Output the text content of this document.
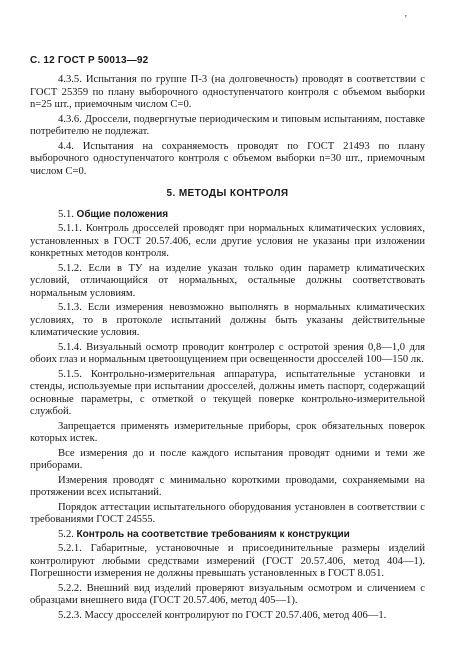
'
С. 12 ГОСТ Р 50013—92

4.3.5. Испытания по группе П-3 (на долговечность) проводят в соответствии с ГОСТ 25359 по плану выборочного одноступенчатого контроля с объемом выборки n=25 шт., приемочным числом C=0.

4.3.6. Дроссели, подвергнутые периодическим и типовым испытаниям, поставке потребителю не подлежат.

4.4. Испытания на сохраняемость проводят по ГОСТ 21493 по плану выборочного одноступенчатого контроля с объемом выборки n=30 шт., приемочным числом C=0.

5. МЕТОДЫ КОНТРОЛЯ

5.1. Общие положения

5.1.1. Контроль дросселей проводят при нормальных климатических условиях, установленных в ГОСТ 20.57.406, если другие условия не указаны при изложении конкретных методов контроля.

5.1.2. Если в ТУ на изделие указан только один параметр климатических условий, отличающийся от нормальных, остальные должны соответствовать нормальным условиям.

5.1.3. Если измерения невозможно выполнять в нормальных климатических условиях, то в протоколе испытаний должны быть указаны действительные климатические условия.

5.1.4. Визуальный осмотр проводит контролер с остротой зрения 0,8—1,0 для обоих глаз и нормальным цветоощущением при освещенности дросселей 100—150 лк.

5.1.5. Контрольно-измерительная аппаратура, испытательные установки и стенды, используемые при испытании дросселей, должны иметь паспорт, содержащий основные параметры, с отметкой о текущей поверке контрольно-измерительной службой.

Запрещается применять измерительные приборы, срок обязательных поверок которых истек.

Все измерения до и после каждого испытания проводят одними и теми же приборами.

Измерения проводят с минимально короткими проводами, сохраняемыми на протяжении всех испытаний.

Порядок аттестации испытательного оборудования установлен в соответствии с требованиями ГОСТ 24555.

5.2. Контроль на соответствие требованиям к конструкции

5.2.1. Габаритные, установочные и присоединительные размеры изделий контролируют любыми средствами измерений (ГОСТ 20.57.406, метод 404—1). Погрешности измерения не должны превышать установленных в ГОСТ 8.051.

5.2.2. Внешний вид изделий проверяют визуальным осмотром и сличением с образцами внешнего вида (ГОСТ 20.57.406, метод 405—1).

5.2.3. Массу дросселей контролируют по ГОСТ 20.57.406, метод 406—1.
